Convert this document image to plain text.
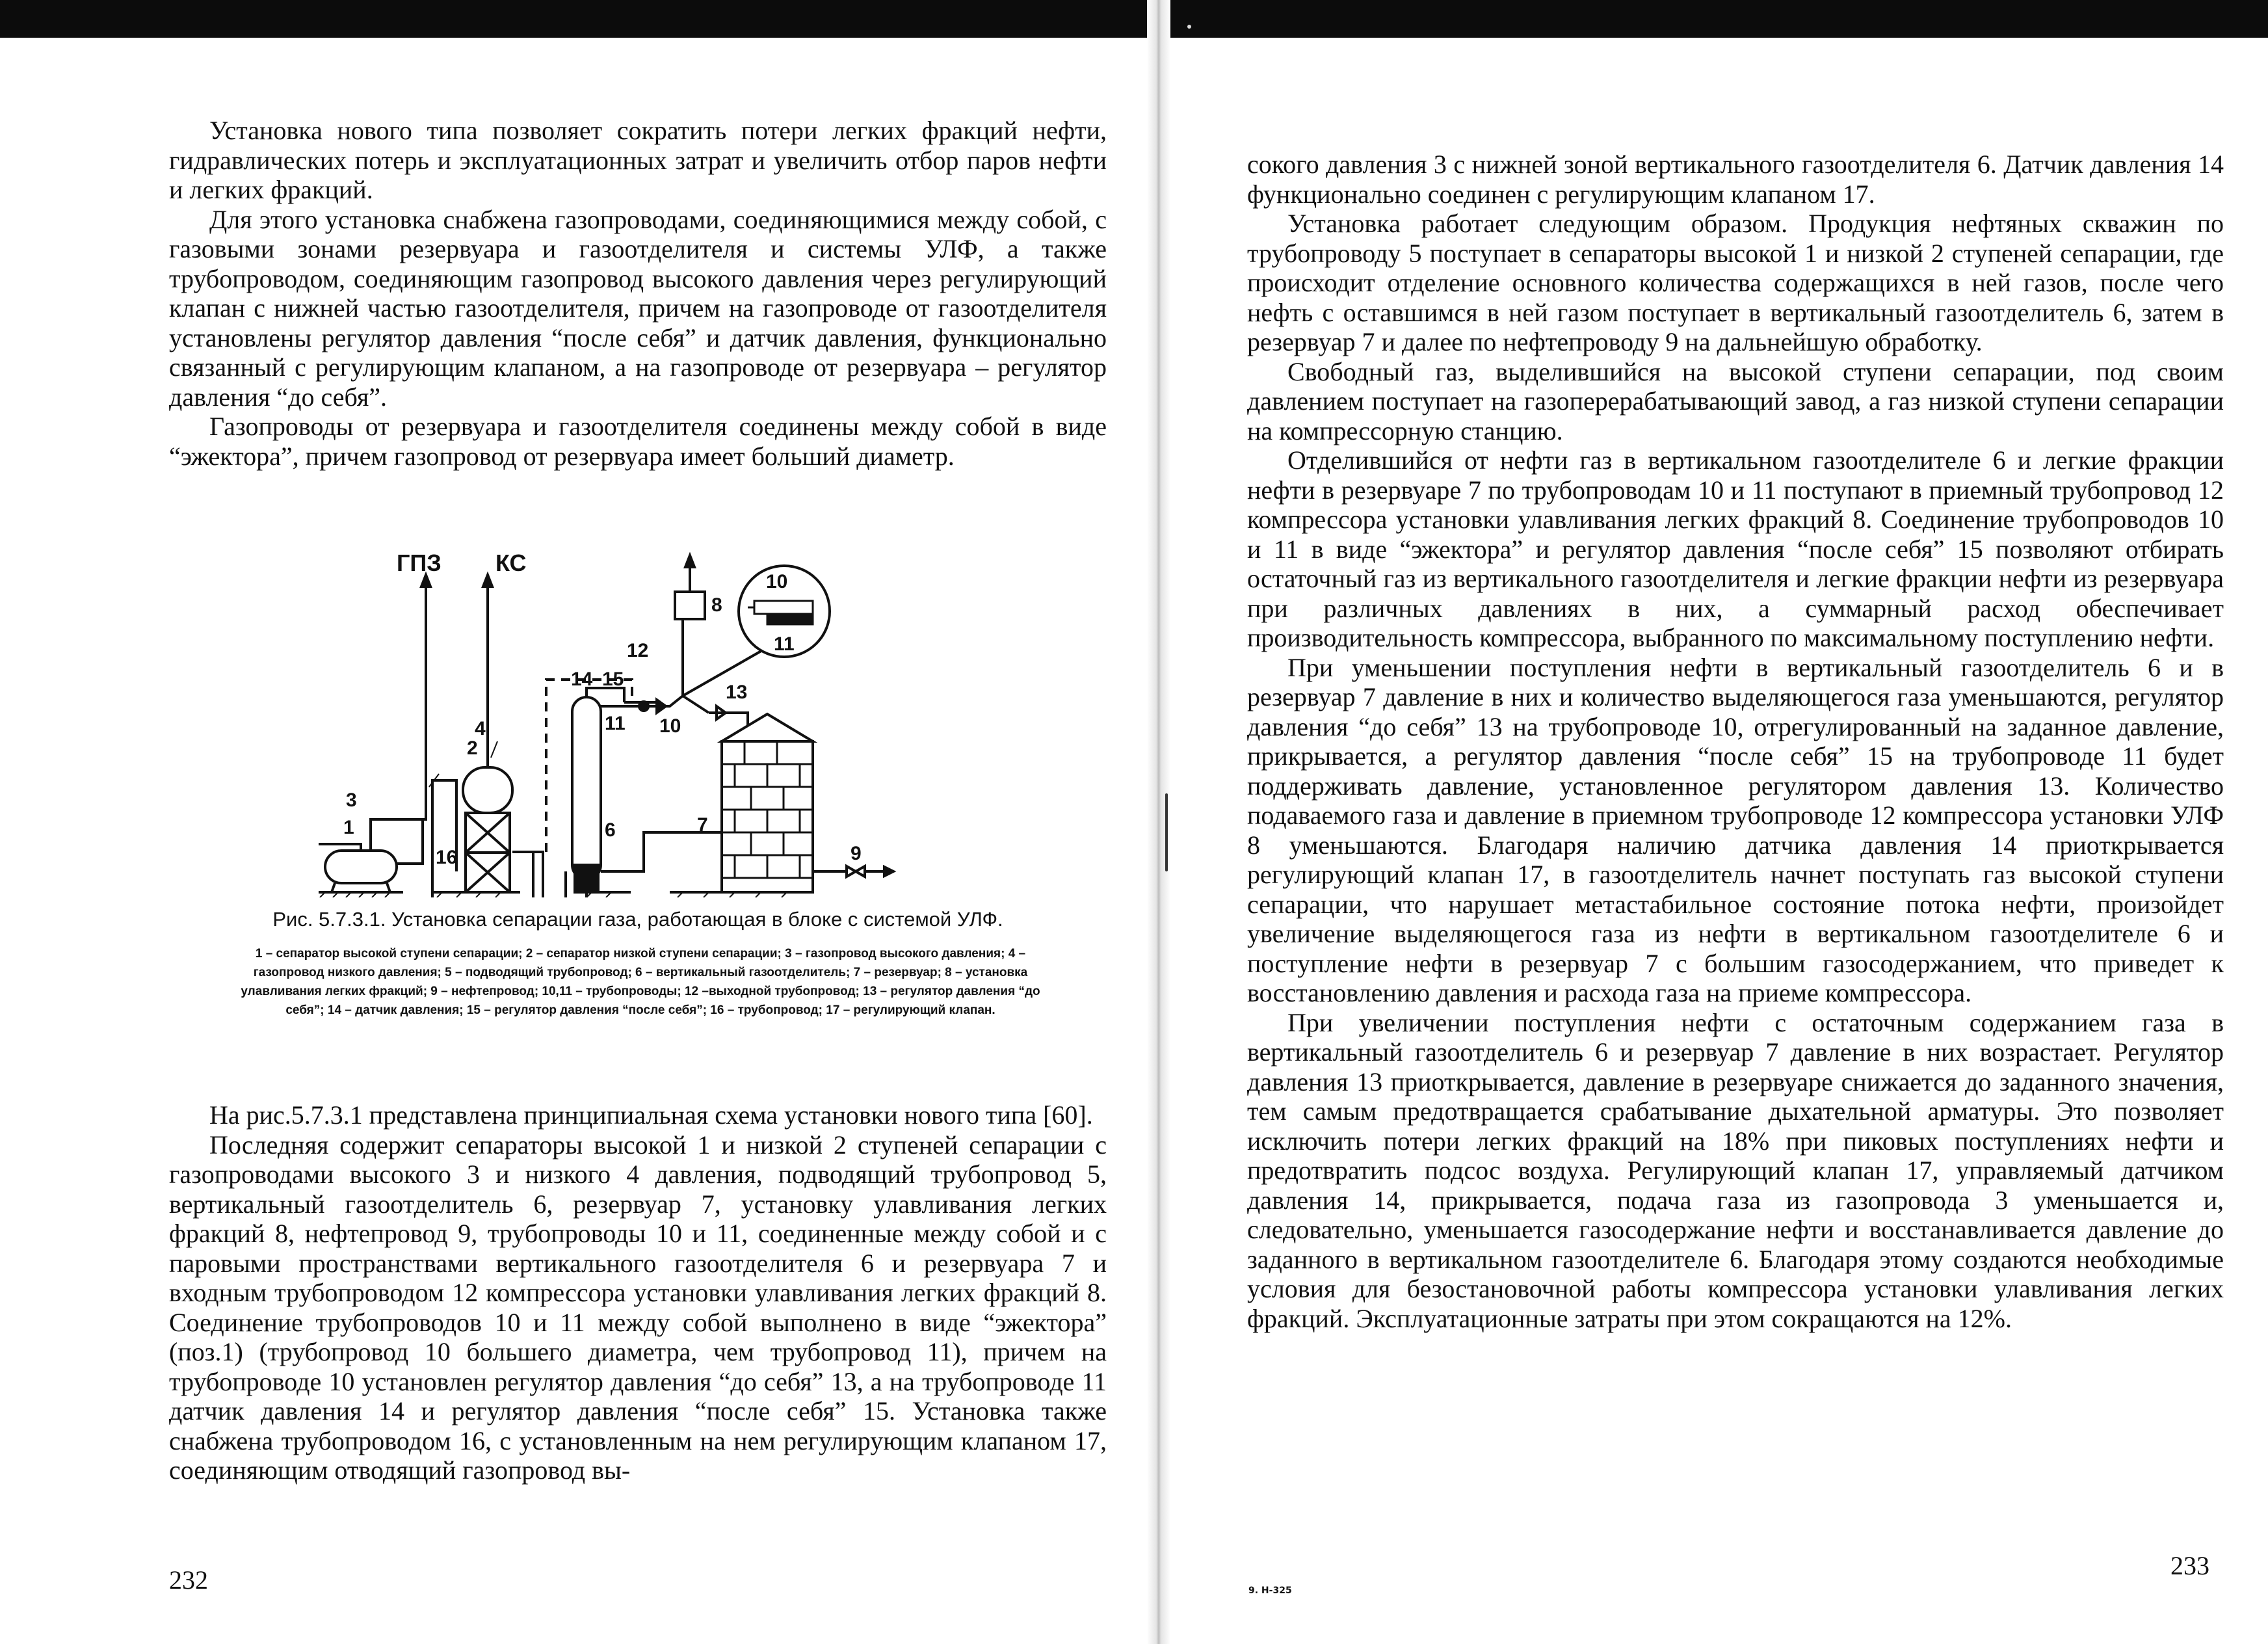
Установка нового типа позволяет сократить потери легких фракций нефти, гидравлических потерь и эксплуатационных затрат и увеличить отбор паров нефти и легких фракций.

Для этого установка снабжена газопроводами, соединяющимися между собой, с газовыми зонами резервуара и газоотделителя и системы УЛФ, а также трубопроводом, соединяющим газопровод высокого давления через регулирующий клапан с нижней частью газоотделителя, причем на газопроводе от газоотделителя установлены регулятор давления “после себя” и датчик давления, функционально связанный с регулирующим клапаном, а на газопроводе от резервуара – регулятор давления “до себя”.

Газопроводы от резервуара и газоотделителя соединены между собой в виде “эжектора”, причем газопровод от резервуара имеет больший диаметр.

ГПЗ КС
1
3
2
4
16
6
11 10
14 15
12
8
13
7
9
10
11
Рис. 5.7.3.1. Установка сепарации газа, работающая в блоке с системой УЛФ.
1 – сепаратор высокой ступени сепарации; 2 – сепаратор низкой ступени сепарации; 3 – газопровод высокого давления; 4 – газопровод низкого давления; 5 – подводящий трубопровод; 6 – вертикальный газоотделитель; 7 – резервуар; 8 – установка улавливания легких фракций; 9 – нефтепровод; 10,11 – трубопроводы; 12 –выходной трубопровод; 13 – регулятор давления “до себя”; 14 – датчик давления; 15 – регулятор давления “после себя”; 16 – трубопровод; 17 – регулирующий клапан.

На рис.5.7.3.1 представлена принципиальная схема установки нового типа [60].

Последняя содержит сепараторы высокой 1 и низкой 2 ступеней сепарации с газопроводами высокого 3 и низкого 4 давления, подводящий трубопровод 5, вертикальный газоотделитель 6, резервуар 7, установку улавливания легких фракций 8, нефтепровод 9, трубопроводы 10 и 11, соединенные между собой и с паровыми пространствами вертикального газоотделителя 6 и резервуара 7 и входным трубопроводом 12 компрессора установки улавливания легких фракций 8. Соединение трубопроводов 10 и 11 между собой выполнено в виде “эжектора” (поз.1) (трубопровод 10 большего диаметра, чем трубопровод 11), причем на трубопроводе 10 установлен регулятор давления “до себя” 13, а на трубопроводе 11 датчик давления 14 и регулятор давления “после себя” 15. Установка также снабжена трубопроводом 16, с установленным на нем регулирующим клапаном 17, соединяющим отводящий газопровод вы-

232

сокого давления 3 с нижней зоной вертикального газоотделителя 6. Датчик давления 14 функционально соединен с регулирующим клапаном 17.

Установка работает следующим образом. Продукция нефтяных скважин по трубопроводу 5 поступает в сепараторы высокой 1 и низкой 2 ступеней сепарации, где происходит отделение основного количества содержащихся в ней газов, после чего нефть с оставшимся в ней газом поступает в вертикальный газоотделитель 6, затем в резервуар 7 и далее по нефтепроводу 9 на дальнейшую обработку.

Свободный газ, выделившийся на высокой ступени сепарации, под своим давлением поступает на газоперерабатывающий завод, а газ низкой ступени сепарации на компрессорную станцию.

Отделившийся от нефти газ в вертикальном газоотделителе 6 и легкие фракции нефти в резервуаре 7 по трубопроводам 10 и 11 поступают в приемный трубопровод 12 компрессора установки улавливания легких фракций 8. Соединение трубопроводов 10 и 11 в виде “эжектора” и регулятор давления “после себя” 15 позволяют отбирать остаточный газ из вертикального газоотделителя и легкие фракции нефти из резервуара при различных давлениях в них, а суммарный расход обеспечивает производительность компрессора, выбранного по максимальному поступлению нефти.

При уменьшении поступления нефти в вертикальный газоотделитель 6 и в резервуар 7 давление в них и количество выделяющегося газа уменьшаются, регулятор давления “до себя” 13 на трубопроводе 10, отрегулированный на заданное давление, прикрывается, а регулятор давления “после себя” 15 на трубопроводе 11 будет поддерживать давление, установленное регулятором давления 13. Количество подаваемого газа и давление в приемном трубопроводе 12 компрессора установки УЛФ 8 уменьшаются. Благодаря наличию датчика давления 14 приоткрывается регулирующий клапан 17, в газоотделитель начнет поступать газ высокой ступени сепарации, что нарушает метастабильное состояние потока нефти, произойдет увеличение выделяющегося газа из нефти в вертикальном газоотделителе 6 и поступление нефти в резервуар 7 с большим газосодержанием, что приведет к восстановлению давления и расхода газа на приеме компрессора.

При увеличении поступления нефти с остаточным содержанием газа в вертикальный газоотделитель 6 и резервуар 7 давление в них возрастает. Регулятор давления 13 приоткрывается, давление в резервуаре снижается до заданного значения, тем самым предотвращается срабатывание дыхательной арматуры. Это позволяет исключить потери легких фракций на 18% при пиковых поступлениях нефти и предотвратить подсос воздуха. Регулирующий клапан 17, управляемый датчиком давления 14, прикрывается, подача газа из газопровода 3 уменьшается и, следовательно, уменьшается газосодержание нефти и восстанавливается давление до заданного в вертикальном газоотделителе 6. Благодаря этому создаются необходимые условия для безостановочной работы компрессора установки улавливания легких фракций. Эксплуатационные затраты при этом сокращаются на 12%.

9. Н-325
233
